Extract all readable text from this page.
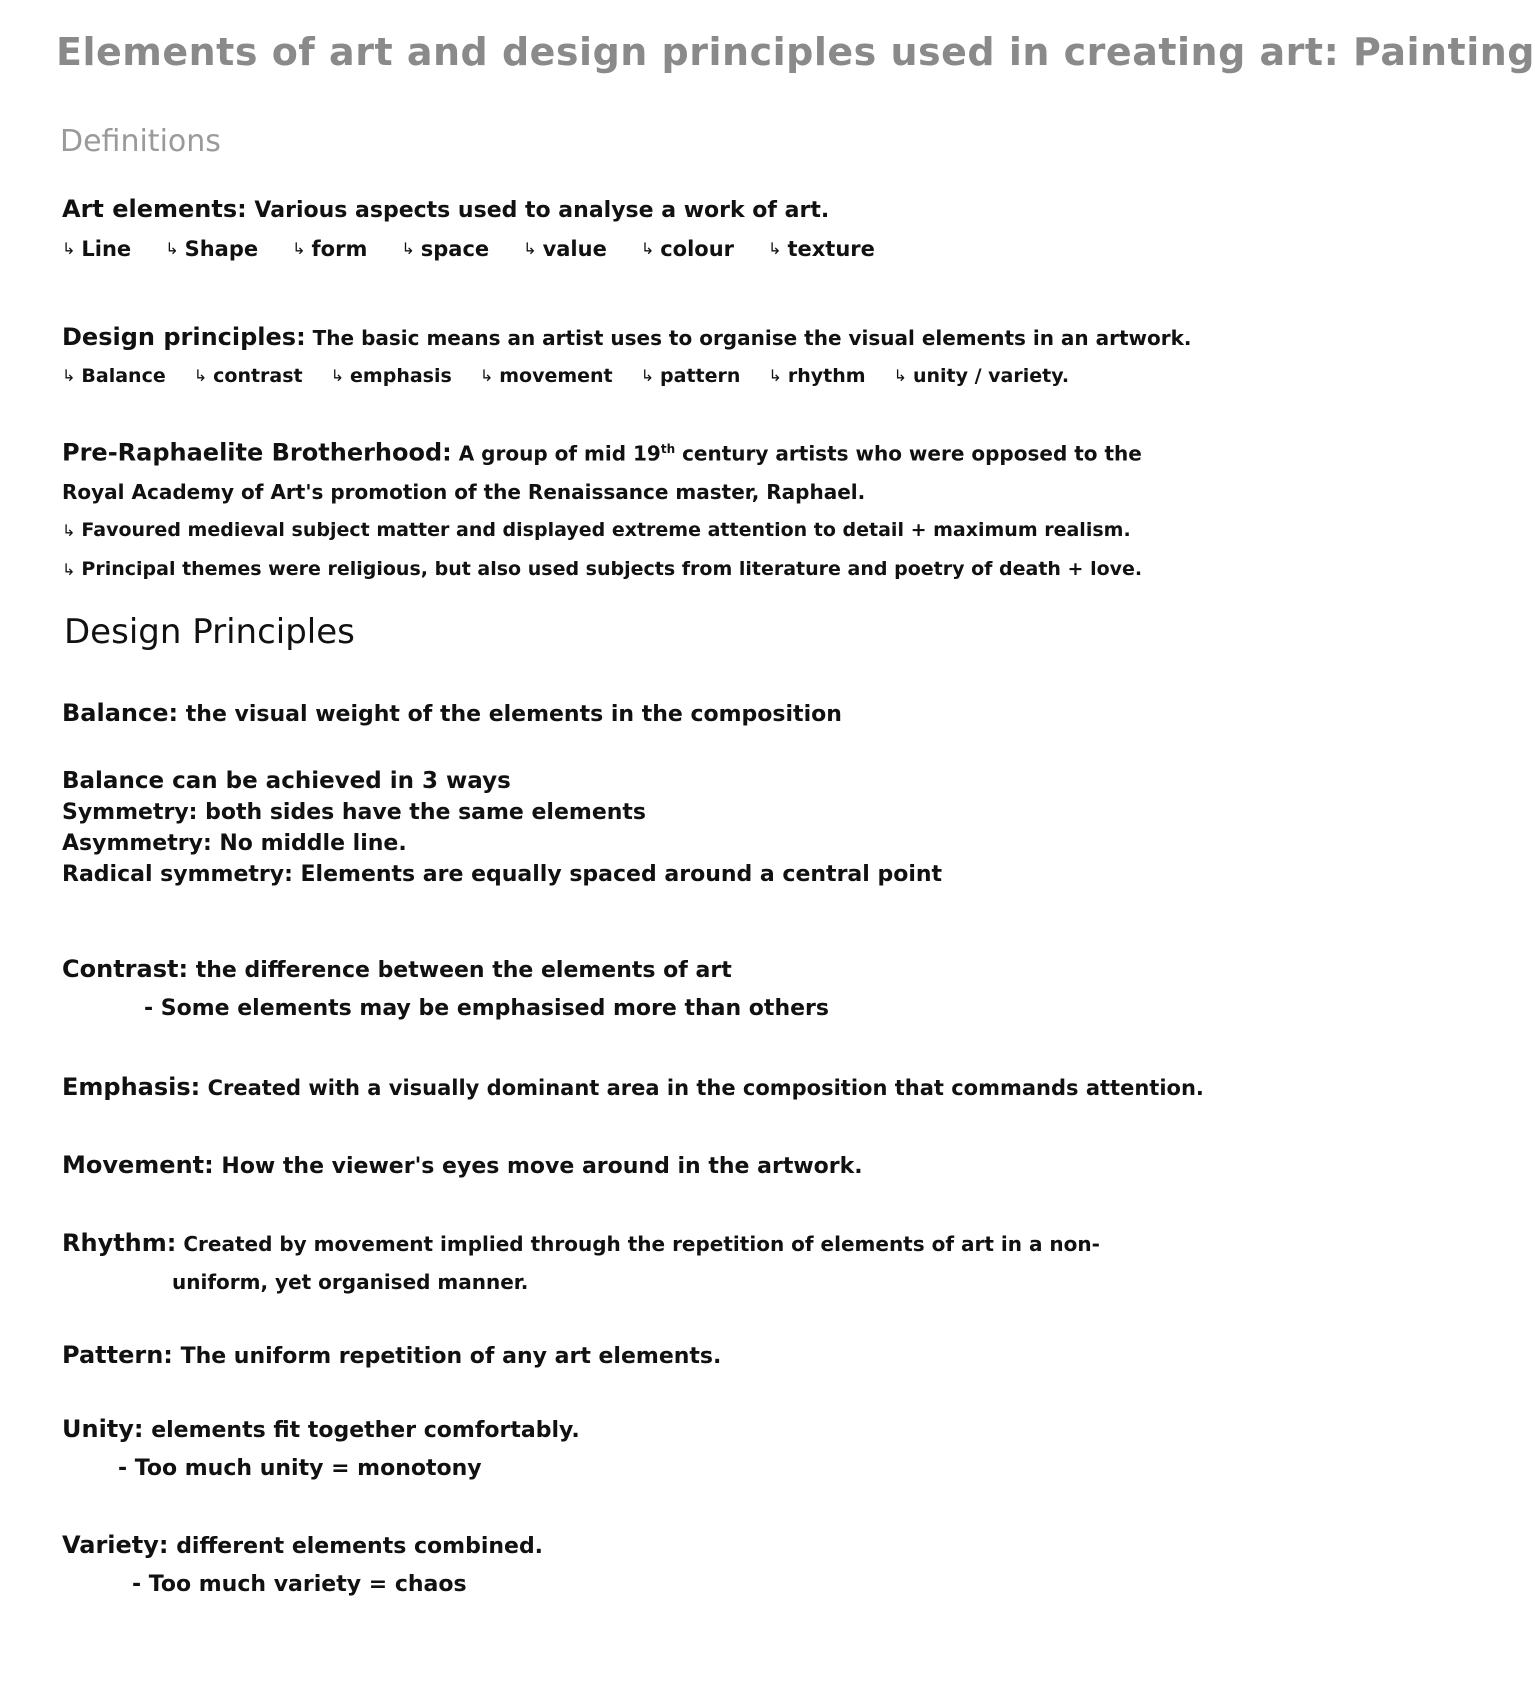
Elements of art and design principles used in creating art: Painting
Definitions
Art elements: Various aspects used to analyse a work of art.
↳ Line ↳ Shape ↳ form ↳ space ↳ value ↳ colour ↳ texture
Design principles: The basic means an artist uses to organise the visual elements in an artwork.
↳ Balance ↳ contrast ↳ emphasis ↳ movement ↳ pattern ↳ rhythm ↳ unity / variety.
Pre-Raphaelite Brotherhood: A group of mid 19th century artists who were opposed to the
Royal Academy of Art's promotion of the Renaissance master, Raphael.
↳ Favoured medieval subject matter and displayed extreme attention to detail + maximum realism.
↳ Principal themes were religious, but also used subjects from literature and poetry of death + love.
Design Principles
Balance: the visual weight of the elements in the composition
Balance can be achieved in 3 ways
Symmetry: both sides have the same elements
Asymmetry: No middle line.
Radical symmetry: Elements are equally spaced around a central point
Contrast: the difference between the elements of art
- Some elements may be emphasised more than others
Emphasis: Created with a visually dominant area in the composition that commands attention.
Movement: How the viewer's eyes move around in the artwork.
Rhythm: Created by movement implied through the repetition of elements of art in a non-
uniform, yet organised manner.
Pattern: The uniform repetition of any art elements.
Unity: elements fit together comfortably.
- Too much unity = monotony
Variety: different elements combined.
- Too much variety = chaos
